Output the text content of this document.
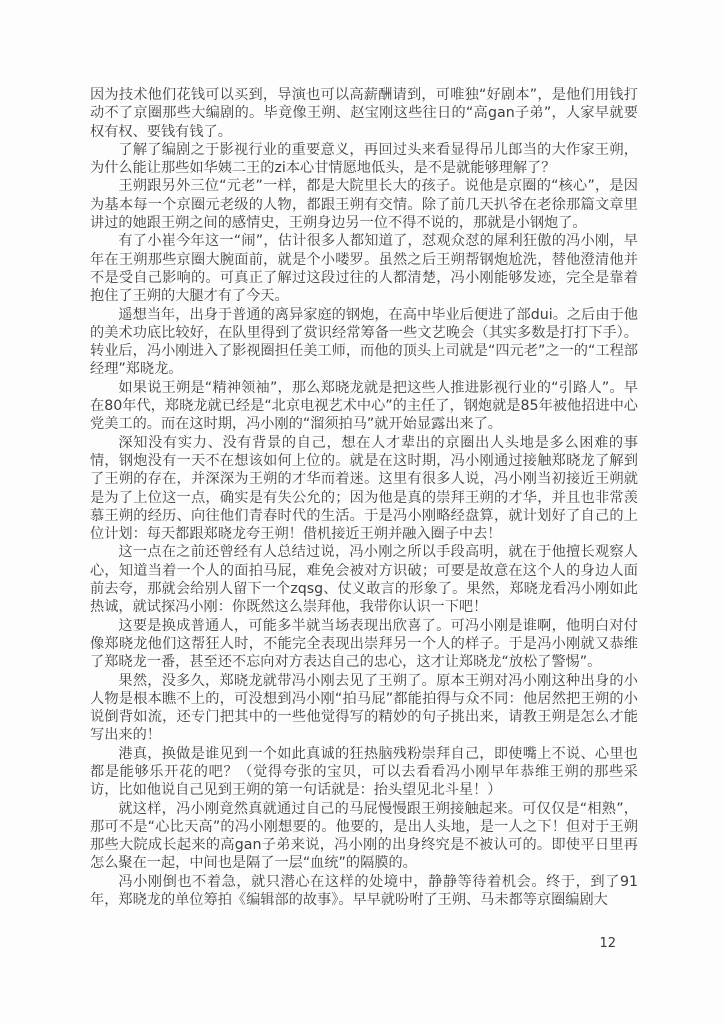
因为技术他们花钱可以买到，导演也可以高薪酬请到，可唯独“好剧本”，是他们用钱打动不了京圈那些大编剧的。毕竟像王朔、赵宝刚这些往日的“高gan子弟”，人家早就要权有权、要钱有钱了。

了解了编剧之于影视行业的重要意义，再回过头来看显得吊儿郎当的大作家王朔，为什么能让那些如华姨二王的zi本心甘情愿地低头，是不是就能够理解了？

王朔跟另外三位“元老”一样，都是大院里长大的孩子。说他是京圈的“核心”，是因为基本每一个京圈元老级的人物，都跟王朔有交情。除了前几天扒爷在老徐那篇文章里讲过的她跟王朔之间的感情史，王朔身边另一位不得不说的，那就是小钢炮了。

有了小崔今年这一“闹”，估计很多人都知道了，怼观众怼的犀利狂傲的冯小刚，早年在王朔那些京圈大腕面前，就是个小喽罗。虽然之后王朔帮钢炮尬洗，替他澄清他并不是受自己影响的。可真正了解过这段过往的人都清楚，冯小刚能够发迹，完全是靠着抱住了王朔的大腿才有了今天。

遥想当年，出身于普通的离异家庭的钢炮，在高中毕业后便进了部dui。之后由于他的美术功底比较好，在队里得到了赏识经常筹备一些文艺晚会（其实多数是打打下手）。转业后，冯小刚进入了影视圈担任美工师，而他的顶头上司就是“四元老”之一的“工程部经理”郑晓龙。

如果说王朔是“精神领袖”，那么郑晓龙就是把这些人推进影视行业的“引路人”。早在80年代，郑晓龙就已经是“北京电视艺术中心”的主任了，钢炮就是85年被他招进中心党美工的。而在这时期，冯小刚的“溜须拍马”就开始显露出来了。

深知没有实力、没有背景的自己，想在人才辈出的京圈出人头地是多么困难的事情，钢炮没有一天不在想该如何上位的。就是在这时期，冯小刚通过接触郑晓龙了解到了王朔的存在，并深深为王朔的才华而着迷。这里有很多人说，冯小刚当初接近王朔就是为了上位这一点，确实是有失公允的；因为他是真的崇拜王朔的才华，并且也非常羡慕王朔的经历、向往他们青春时代的生活。于是冯小刚略经盘算，就计划好了自己的上位计划：每天都跟郑晓龙夸王朔！借机接近王朔并融入圈子中去！

这一点在之前还曾经有人总结过说，冯小刚之所以手段高明，就在于他擅长观察人心，知道当着一个人的面拍马屁，难免会被对方识破；可要是故意在这个人的身边人面前去夸，那就会给别人留下一个zqsg、仗义敢言的形象了。果然，郑晓龙看冯小刚如此热诚，就试探冯小刚：你既然这么崇拜他，我带你认识一下吧！

这要是换成普通人，可能多半就当场表现出欣喜了。可冯小刚是谁啊，他明白对付像郑晓龙他们这帮狂人时，不能完全表现出崇拜另一个人的样子。于是冯小刚就又恭维了郑晓龙一番，甚至还不忘向对方表达自己的忠心，这才让郑晓龙“放松了警惕”。

果然，没多久，郑晓龙就带冯小刚去见了王朔了。原本王朔对冯小刚这种出身的小人物是根本瞧不上的，可没想到冯小刚“拍马屁”都能拍得与众不同：他居然把王朔的小说倒背如流，还专门把其中的一些他觉得写的精妙的句子挑出来，请教王朔是怎么才能写出来的！

港真，换做是谁见到一个如此真诚的狂热脑残粉崇拜自己，即使嘴上不说、心里也都是能够乐开花的吧？（觉得夸张的宝贝，可以去看看冯小刚早年恭维王朔的那些采访，比如他说自己见到王朔的第一句话就是：抬头望见北斗星！）

就这样，冯小刚竟然真就通过自己的马屁慢慢跟王朔接触起来。可仅仅是“相熟”，那可不是“心比天高”的冯小刚想要的。他要的，是出人头地，是一人之下！但对于王朔那些大院成长起来的高gan子弟来说，冯小刚的出身终究是不被认可的。即使平日里再怎么聚在一起，中间也是隔了一层“血统”的隔膜的。

冯小刚倒也不着急，就只潜心在这样的处境中，静静等待着机会。终于，到了91年，郑晓龙的单位筹拍《编辑部的故事》。早早就吩咐了王朔、马未都等京圈编剧大

12
